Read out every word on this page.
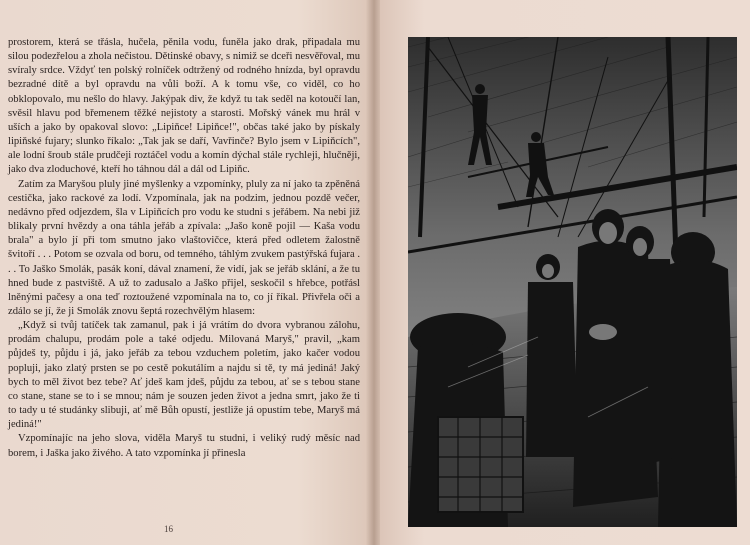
prostorem, která se třásla, hučela, pěnila vodu, funěla jako drak, připadala mu silou podezřelou a zhola nečistou. Dětinské obavy, s nimiž se dceři nesvěřoval, mu svíraly srdce. Vždyť ten polský rolníček odtržený od rodného hnízda, byl opravdu bezradné dítě a byl opravdu na vůli boží. A k tomu vše, co viděl, co ho obklopovalo, mu nešlo do hlavy. Jakýpak div, že když tu tak seděl na kotoučí lan, svěsil hlavu pod břemenem těžké nejistoty a starosti. Mořský vánek mu hrál v uších a jako by opakoval slovo: „Lipiňce! Lipiňce!", občas také jako by pískaly lipiňské fujary; slunko říkalo: „Tak jak se daří, Vavřinče? Bylo jsem v Lipiňcích", ale lodní šroub stále prudčeji roztáčel vodu a komín dýchal stále rychleji, hlučněji, jako dva zloduchové, kteří ho táhnou dál a dál od Lipiňc.

Zatím za Maryšou pluly jiné myšlenky a vzpomínky, pluly za ní jako ta zpěněná cestička, jako rackové za lodí. Vzpomínala, jak na podzim, jednou pozdě večer, nedávno před odjezdem, šla v Lipiňcích pro vodu ke studni s jeřábem. Na nebi již blikaly první hvězdy a ona táhla jeřáb a zpívala: „Jašo koně pojil — Kaša vodu brala" a bylo jí při tom smutno jako vlaštovičce, která před odletem žalostně švitoří . . . Potom se ozvala od boru, od temného, táhlým zvukem pastýřská fujara . . . To Jaško Smolák, pasák koní, dával znamení, že vidí, jak se jeřáb sklání, a že tu hned bude z pastviště. A už to zadusalo a Jaško přijel, seskočil s hřebce, potřásl lněnými pačesy a ona teď roztoužené vzpomínala na to, co jí říkal. Přivřela oči a zdálo se jí, že ji Smolák znovu šeptá rozechvělým hlasem:

„Když si tvůj tatíček tak zamanul, pak i já vrátím do dvora vybranou zálohu, prodám chalupu, prodám pole a také odjedu. Milovaná Maryš," pravil, „kam půjdeš ty, půjdu i já, jako jeřáb za tebou vzduchem poletím, jako kačer vodou popluji, jako zlatý prsten se po cestě pokutálím a najdu si tě, ty má jediná! Jaký bych to měl život bez tebe? Ať jdeš kam jdeš, půjdu za tebou, ať se s tebou stane co stane, stane se to i se mnou; nám je souzen jeden život a jedna smrt, jako že ti to tady u té studánky slibuji, ať mě Bůh opustí, jestliže já opustím tebe, Maryš má jediná!"

Vzpomínajíc na jeho slova, viděla Maryš tu studni, i veliký rudý měsíc nad borem, i Jaška jako živého. A tato vzpomínka jí přinesla

16
